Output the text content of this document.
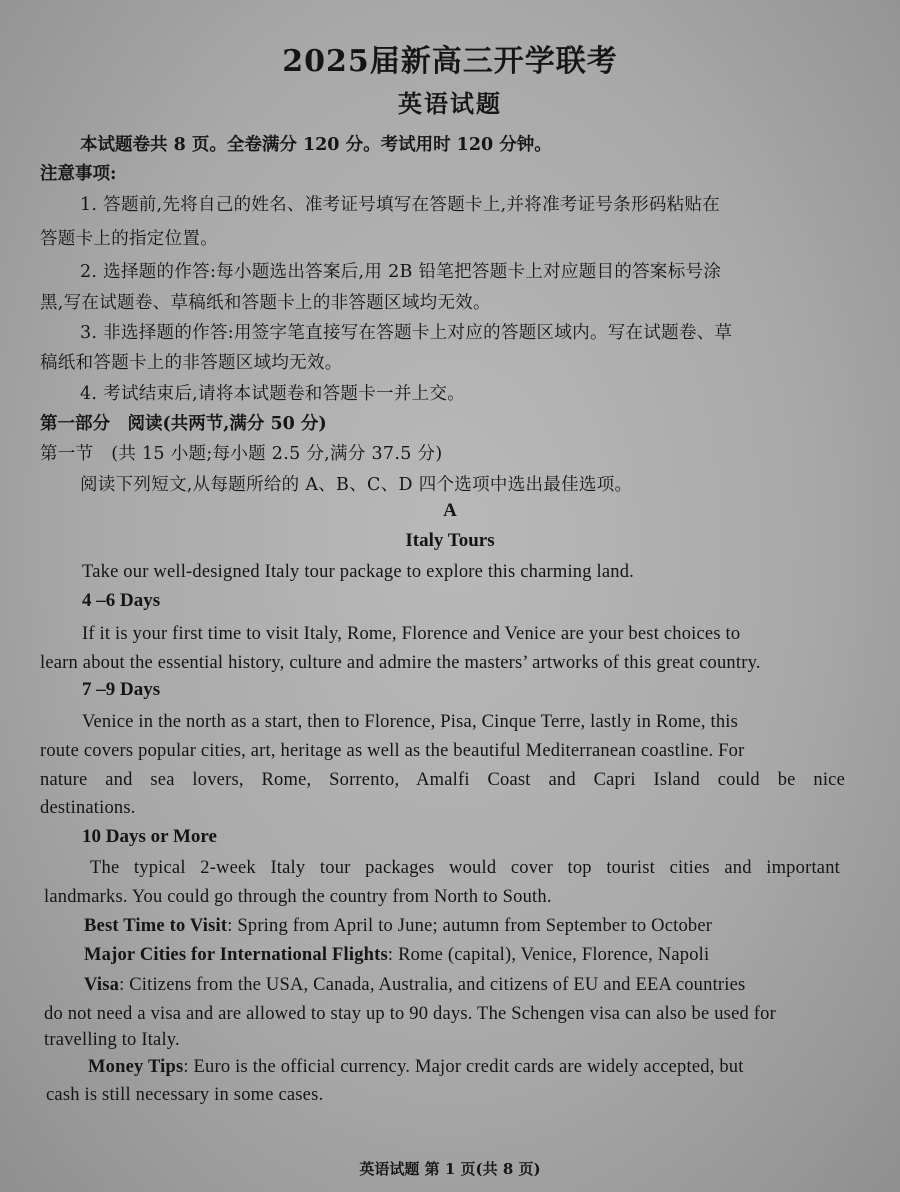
2025届新高三开学联考
英语试题
本试题卷共 8 页。全卷满分 120 分。考试用时 120 分钟。
注意事项:
1. 答题前,先将自己的姓名、准考证号填写在答题卡上,并将准考证号条形码粘贴在
答题卡上的指定位置。
2. 选择题的作答:每小题选出答案后,用 2B 铅笔把答题卡上对应题目的答案标号涂
黑,写在试题卷、草稿纸和答题卡上的非答题区域均无效。
3. 非选择题的作答:用签字笔直接写在答题卡上对应的答题区域内。写在试题卷、草
稿纸和答题卡上的非答题区域均无效。
4. 考试结束后,请将本试题卷和答题卡一并上交。
第一部分　阅读(共两节,满分 50 分)
第一节　(共 15 小题;每小题 2.5 分,满分 37.5 分)
阅读下列短文,从每题所给的 A、B、C、D 四个选项中选出最佳选项。
A
Italy Tours
Take our well-designed Italy tour package to explore this charming land.
4 –6 Days
If it is your first time to visit Italy, Rome, Florence and Venice are your best choices to
learn about the essential history, culture and admire the masters’ artworks of this great country.
7 –9 Days
Venice in the north as a start, then to Florence, Pisa, Cinque Terre, lastly in Rome, this
route covers popular cities, art, heritage as well as the beautiful Mediterranean coastline. For
nature and sea lovers, Rome, Sorrento, Amalfi Coast and Capri Island could be nice
destinations.
10 Days or More
The typical 2-week Italy tour packages would cover top tourist cities and important
landmarks. You could go through the country from North to South.
Best Time to Visit: Spring from April to June; autumn from September to October
Major Cities for International Flights: Rome (capital), Venice, Florence, Napoli
Visa: Citizens from the USA, Canada, Australia, and citizens of EU and EEA countries
do not need a visa and are allowed to stay up to 90 days. The Schengen visa can also be used for
travelling to Italy.
Money Tips: Euro is the official currency. Major credit cards are widely accepted, but
cash is still necessary in some cases.
英语试题 第 1 页(共 8 页)
